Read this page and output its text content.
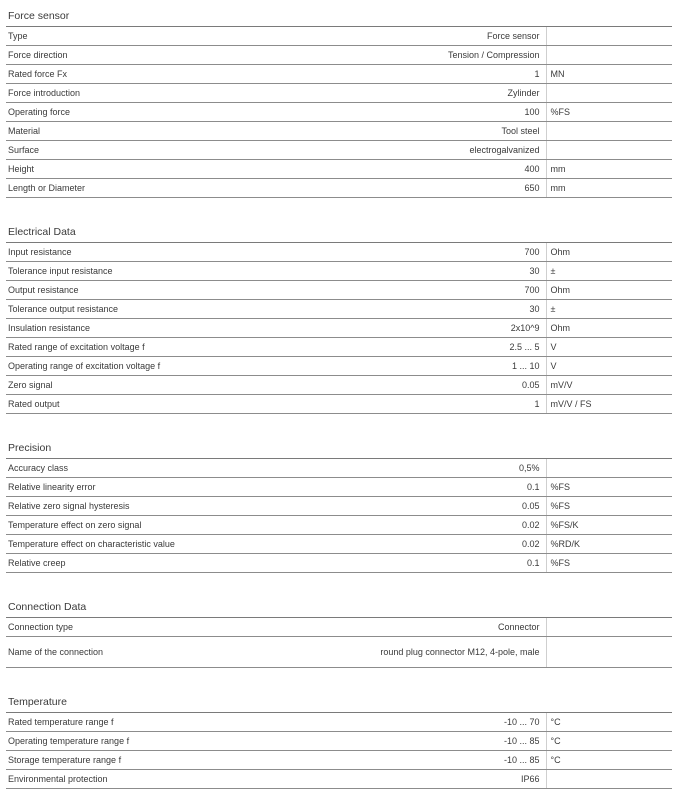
Force sensor
Type	Force sensor	
Force direction	Tension / Compression	
Rated force Fx	1	MN
Force introduction	Zylinder	
Operating force	100	%FS
Material	Tool steel	
Surface	electrogalvanized	
Height	400	mm
Length or Diameter	650	mm
Electrical Data
Input resistance	700	Ohm
Tolerance input resistance	30	±
Output resistance	700	Ohm
Tolerance output resistance	30	±
Insulation resistance	2x10^9	Ohm
Rated range of excitation voltage f	2.5 ... 5	V
Operating range of excitation voltage f	1 ... 10	V
Zero signal	0.05	mV/V
Rated output	1	mV/V / FS
Precision
Accuracy class	0,5%	
Relative linearity error	0.1	%FS
Relative zero signal hysteresis	0.05	%FS
Temperature effect on zero signal	0.02	%FS/K
Temperature effect on characteristic value	0.02	%RD/K
Relative creep	0.1	%FS
Connection Data
Connection type	Connector	
Name of the connection	round plug connector M12, 4-pole, male	
Temperature
Rated temperature range f	-10 ... 70	°C
Operating temperature range f	-10 ... 85	°C
Storage temperature range f	-10 ... 85	°C
Environmental protection	IP66	
